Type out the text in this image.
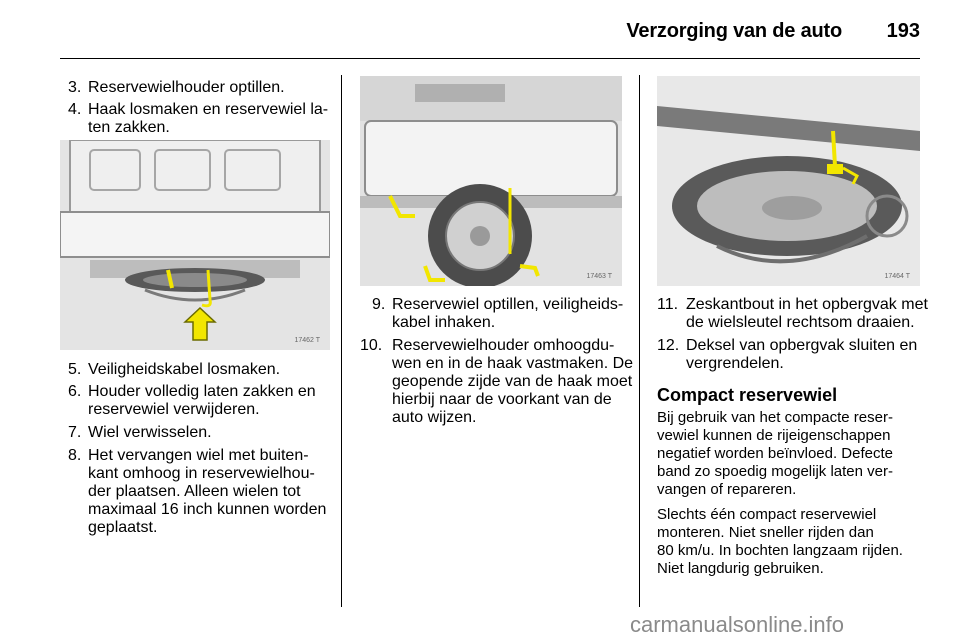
Verzorging van de auto 193
3. Reservewielhouder optillen.
4. Haak losmaken en reservewiel la-
ten zakken.
17462 T
5. Veiligheidskabel losmaken.
6. Houder volledig laten zakken en
reservewiel verwijderen.
7. Wiel verwisselen.
8. Het vervangen wiel met buiten-
kant omhoog in reservewielhou-
der plaatsen. Alleen wielen tot
maximaal 16 inch kunnen worden
geplaatst.
17463 T
9. Reservewiel optillen, veiligheids-
kabel inhaken.
10. Reservewielhouder omhoogdu-
wen en in de haak vastmaken. De
geopende zijde van de haak moet
hierbij naar de voorkant van de
auto wijzen.
17464 T
11. Zeskantbout in het opbergvak met
de wielsleutel rechtsom draaien.
12. Deksel van opbergvak sluiten en
vergrendelen.
Compact reservewiel
Bij gebruik van het compacte reser-
vewiel kunnen de rijeigenschappen
negatief worden beïnvloed. Defecte
band zo spoedig mogelijk laten ver-
vangen of repareren.
Slechts één compact reservewiel
monteren. Niet sneller rijden dan
80 km/u. In bochten langzaam rijden.
Niet langdurig gebruiken.
carmanualsonline.info
